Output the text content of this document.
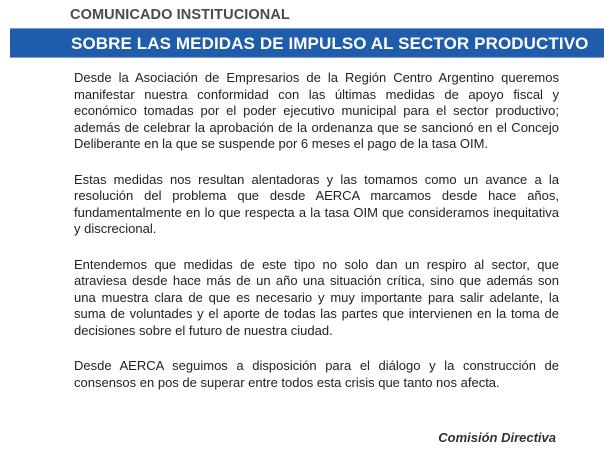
COMUNICADO INSTITUCIONAL
SOBRE LAS MEDIDAS DE IMPULSO AL SECTOR PRODUCTIVO

Desde la Asociación de Empresarios de la Región Centro Argentino queremos manifestar nuestra conformidad con las últimas medidas de apoyo fiscal y económico tomadas por el poder ejecutivo municipal para el sector productivo; además de celebrar la aprobación de la ordenanza que se sancionó en el Concejo Deliberante en la que se suspende por 6 meses el pago de la tasa OIM.

Estas medidas nos resultan alentadoras y las tomamos como un avance a la resolución del problema que desde AERCA marcamos desde hace años, fundamentalmente en lo que respecta a la tasa OIM que consideramos inequitativa y discrecional.

Entendemos que medidas de este tipo no solo dan un respiro al sector, que atraviesa desde hace más de un año una situación crítica, sino que además son una muestra clara de que es necesario y muy importante para salir adelante, la suma de voluntades y el aporte de todas las partes que intervienen en la toma de decisiones sobre el futuro de nuestra ciudad.

Desde AERCA seguimos a disposición para el diálogo y la construcción de consensos en pos de superar entre todos esta crisis que tanto nos afecta.

Comisión Directiva
